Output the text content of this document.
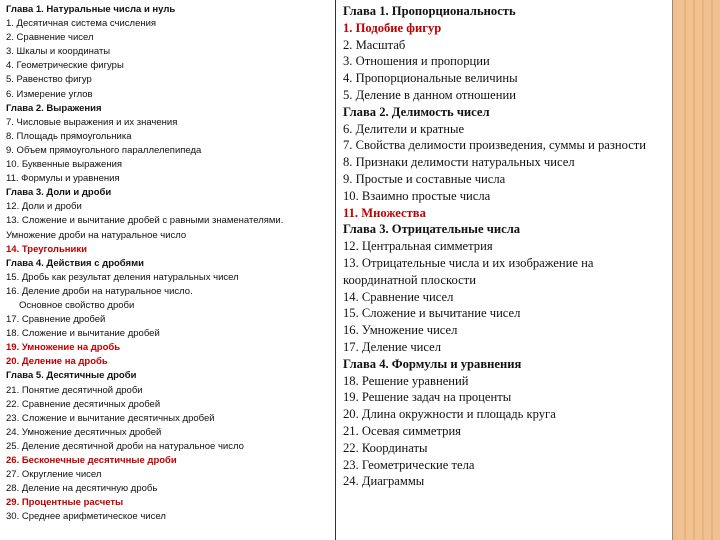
Глава 1. Натуральные числа и нуль
1. Десятичная система счисления
2. Сравнение чисел
3. Шкалы и координаты
4. Геометрические фигуры
5. Равенство фигур
6. Измерение углов
Глава 2. Выражения
7. Числовые выражения и их значения
8. Площадь прямоугольника
9. Объем прямоугольного параллелепипеда
10. Буквенные выражения
11. Формулы и уравнения
Глава 3. Доли и дроби
12. Доли и дроби
13. Сложение и вычитание дробей с равными знаменателями.
Умножение дроби на натуральное число
14. Треугольники
Глава 4. Действия с дробями
15. Дробь как результат деления натуральных чисел
16. Деление дроби на натуральное число.
Основное свойство дроби
17. Сравнение дробей
18. Сложение и вычитание дробей
19. Умножение на дробь
20. Деление на дробь
Глава 5. Десятичные дроби
21. Понятие десятичной дроби
22. Сравнение десятичных дробей
23. Сложение и вычитание десятичных дробей
24. Умножение десятичных дробей
25. Деление десятичной дроби на натуральное число
26. Бесконечные десятичные дроби
27. Округление чисел
28. Деление на десятичную дробь
29. Процентные расчеты
30. Среднее арифметическое чисел
Глава 1. Пропорциональность
1. Подобие фигур
2. Масштаб
3. Отношения и пропорции
4. Пропорциональные величины
5. Деление в данном отношении
Глава 2. Делимость чисел
6. Делители и кратные
7. Свойства делимости произведения, суммы и разности
8. Признаки делимости натуральных чисел
9. Простые и составные числа
10. Взаимно простые числа
11. Множества
Глава 3. Отрицательные числа
12. Центральная симметрия
13. Отрицательные числа и их изображение на координатной плоскости
14. Сравнение чисел
15. Сложение и вычитание чисел
16. Умножение чисел
17. Деление чисел
Глава 4. Формулы и уравнения
18. Решение уравнений
19. Решение задач на проценты
20. Длина окружности и площадь круга
21. Осевая симметрия
22. Координаты
23. Геометрические тела
24. Диаграммы
